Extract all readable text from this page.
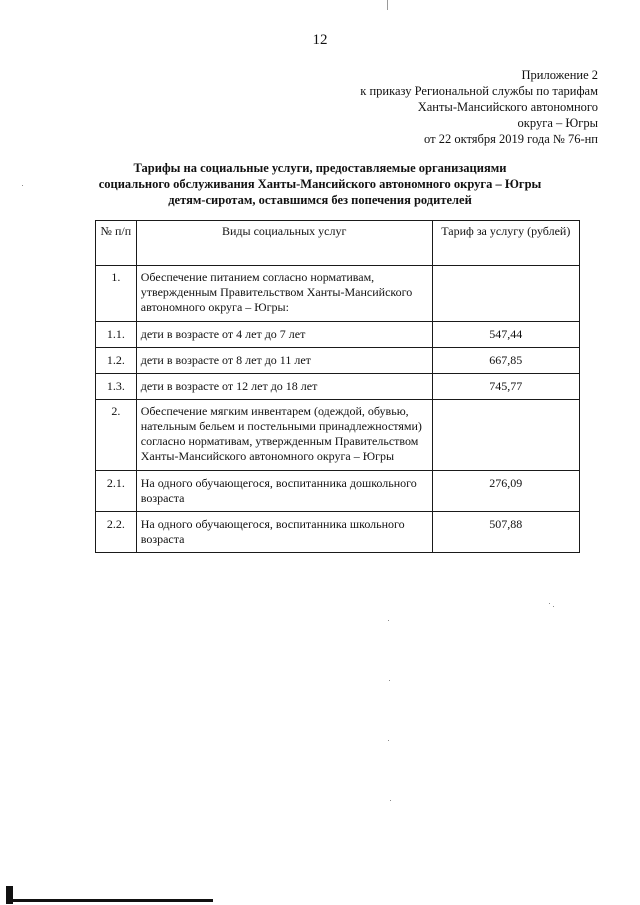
12
Приложение 2
к приказу Региональной службы по тарифам
Ханты-Мансийского автономного
округа – Югры
от 22 октября 2019 года № 76-нп
Тарифы на социальные услуги, предоставляемые организациями
социального обслуживания Ханты-Мансийского автономного округа – Югры
детям-сиротам, оставшимся без попечения родителей
№ п/п	Виды социальных услуг	Тариф за услугу (рублей)
1.	Обеспечение питанием согласно нормативам, утвержденным Правительством Ханты-Мансийского автономного округа – Югры:	
1.1.	дети в возрасте от 4 лет до 7 лет	547,44
1.2.	дети в возрасте от 8 лет до 11 лет	667,85
1.3.	дети в возрасте от 12 лет до 18 лет	745,77
2.	Обеспечение мягким инвентарем (одеждой, обувью, нательным бельем и постельными принадлежностями) согласно нормативам, утвержденным Правительством Ханты-Мансийского автономного округа – Югры	
2.1.	На одного обучающегося, воспитанника дошкольного возраста	276,09
2.2.	На одного обучающегося, воспитанника школьного возраста	507,88
